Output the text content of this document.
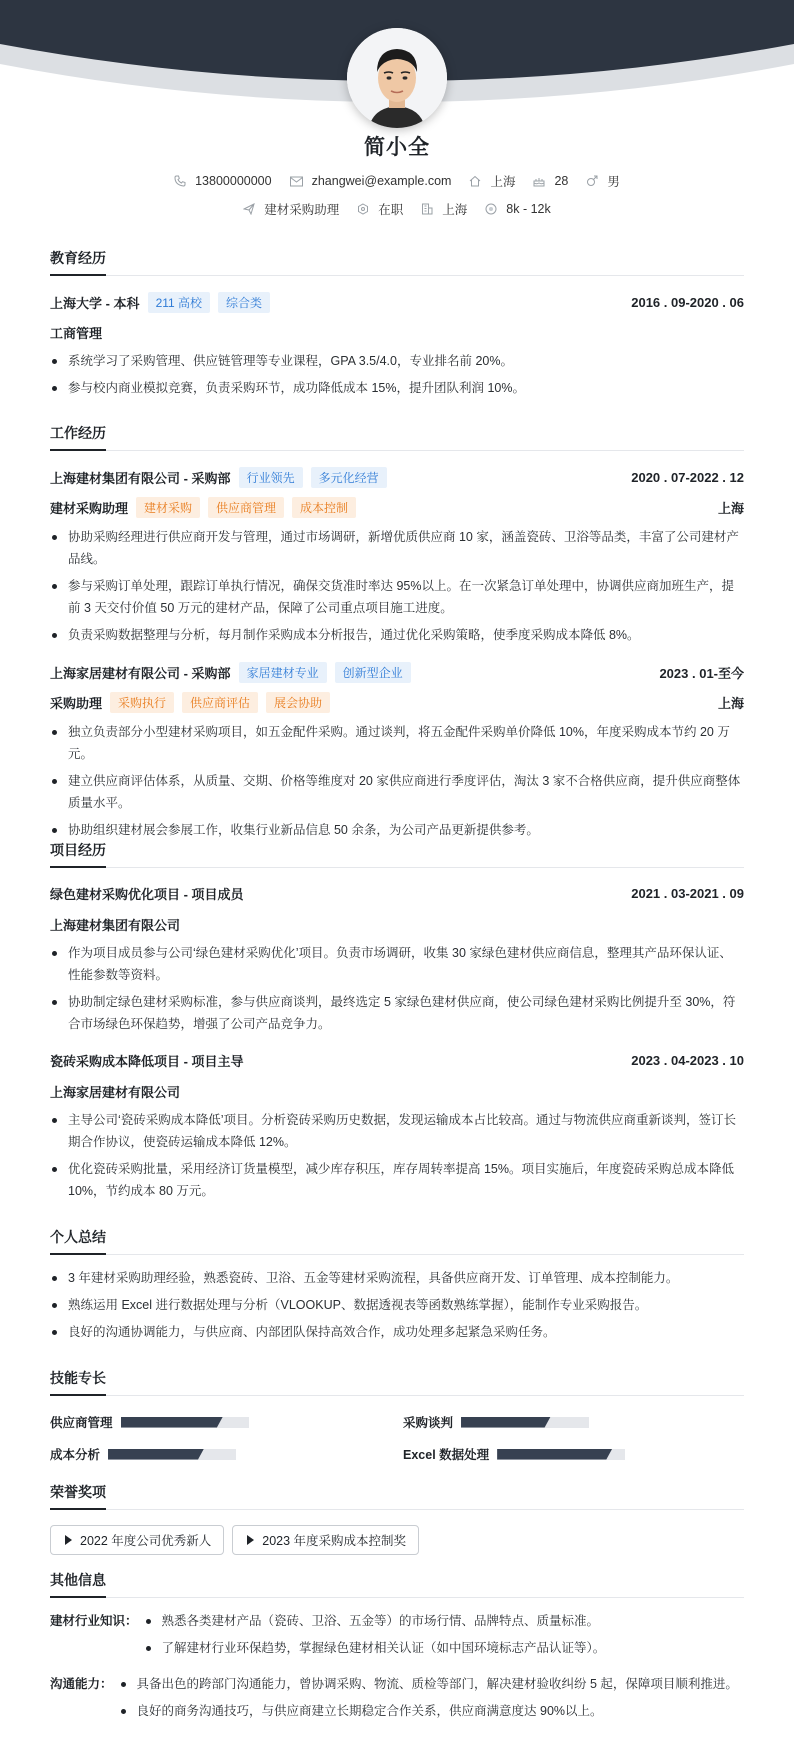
简小全
13800000000	zhangwei@example.com	上海	28	男
建材采购助理	在职	上海	8k - 12k
教育经历
上海大学 - 本科	211 高校	综合类	2016 . 09-2020 . 06
工商管理
系统学习了采购管理、供应链管理等专业课程，GPA 3.5/4.0，专业排名前 20%。
参与校内商业模拟竞赛，负责采购环节，成功降低成本 15%，提升团队利润 10%。
工作经历
上海建材集团有限公司 - 采购部	行业领先	多元化经营	2020 . 07-2022 . 12
建材采购助理	建材采购	供应商管理	成本控制	上海
协助采购经理进行供应商开发与管理，通过市场调研，新增优质供应商 10 家，涵盖瓷砖、卫浴等品类，丰富了公司建材产品线。
参与采购订单处理，跟踪订单执行情况，确保交货准时率达 95%以上。在一次紧急订单处理中，协调供应商加班生产，提前 3 天交付价值 50 万元的建材产品，保障了公司重点项目施工进度。
负责采购数据整理与分析，每月制作采购成本分析报告，通过优化采购策略，使季度采购成本降低 8%。
上海家居建材有限公司 - 采购部	家居建材专业	创新型企业	2023 . 01-至今
采购助理	采购执行	供应商评估	展会协助	上海
独立负责部分小型建材采购项目，如五金配件采购。通过谈判，将五金配件采购单价降低 10%，年度采购成本节约 20 万元。
建立供应商评估体系，从质量、交期、价格等维度对 20 家供应商进行季度评估，淘汰 3 家不合格供应商，提升供应商整体质量水平。
协助组织建材展会参展工作，收集行业新品信息 50 余条，为公司产品更新提供参考。
项目经历
绿色建材采购优化项目 - 项目成员	2021 . 03-2021 . 09
上海建材集团有限公司
作为项目成员参与公司‘绿色建材采购优化’项目。负责市场调研，收集 30 家绿色建材供应商信息，整理其产品环保认证、性能参数等资料。
协助制定绿色建材采购标准，参与供应商谈判，最终选定 5 家绿色建材供应商，使公司绿色建材采购比例提升至 30%，符合市场绿色环保趋势，增强了公司产品竞争力。
瓷砖采购成本降低项目 - 项目主导	2023 . 04-2023 . 10
上海家居建材有限公司
主导公司‘瓷砖采购成本降低’项目。分析瓷砖采购历史数据，发现运输成本占比较高。通过与物流供应商重新谈判，签订长期合作协议，使瓷砖运输成本降低 12%。
优化瓷砖采购批量，采用经济订货量模型，减少库存积压，库存周转率提高 15%。项目实施后，年度瓷砖采购总成本降低 10%，节约成本 80 万元。
个人总结
3 年建材采购助理经验，熟悉瓷砖、卫浴、五金等建材采购流程，具备供应商开发、订单管理、成本控制能力。
熟练运用 Excel 进行数据处理与分析（VLOOKUP、数据透视表等函数熟练掌握），能制作专业采购报告。
良好的沟通协调能力，与供应商、内部团队保持高效合作，成功处理多起紧急采购任务。
技能专长
供应商管理	采购谈判
成本分析	Excel 数据处理
荣誉奖项
2022 年度公司优秀新人	2023 年度采购成本控制奖
其他信息
建材行业知识：	熟悉各类建材产品（瓷砖、卫浴、五金等）的市场行情、品牌特点、质量标准。
了解建材行业环保趋势，掌握绿色建材相关认证（如中国环境标志产品认证等）。
沟通能力：	具备出色的跨部门沟通能力，曾协调采购、物流、质检等部门，解决建材验收纠纷 5 起，保障项目顺利推进。
良好的商务沟通技巧，与供应商建立长期稳定合作关系，供应商满意度达 90%以上。
